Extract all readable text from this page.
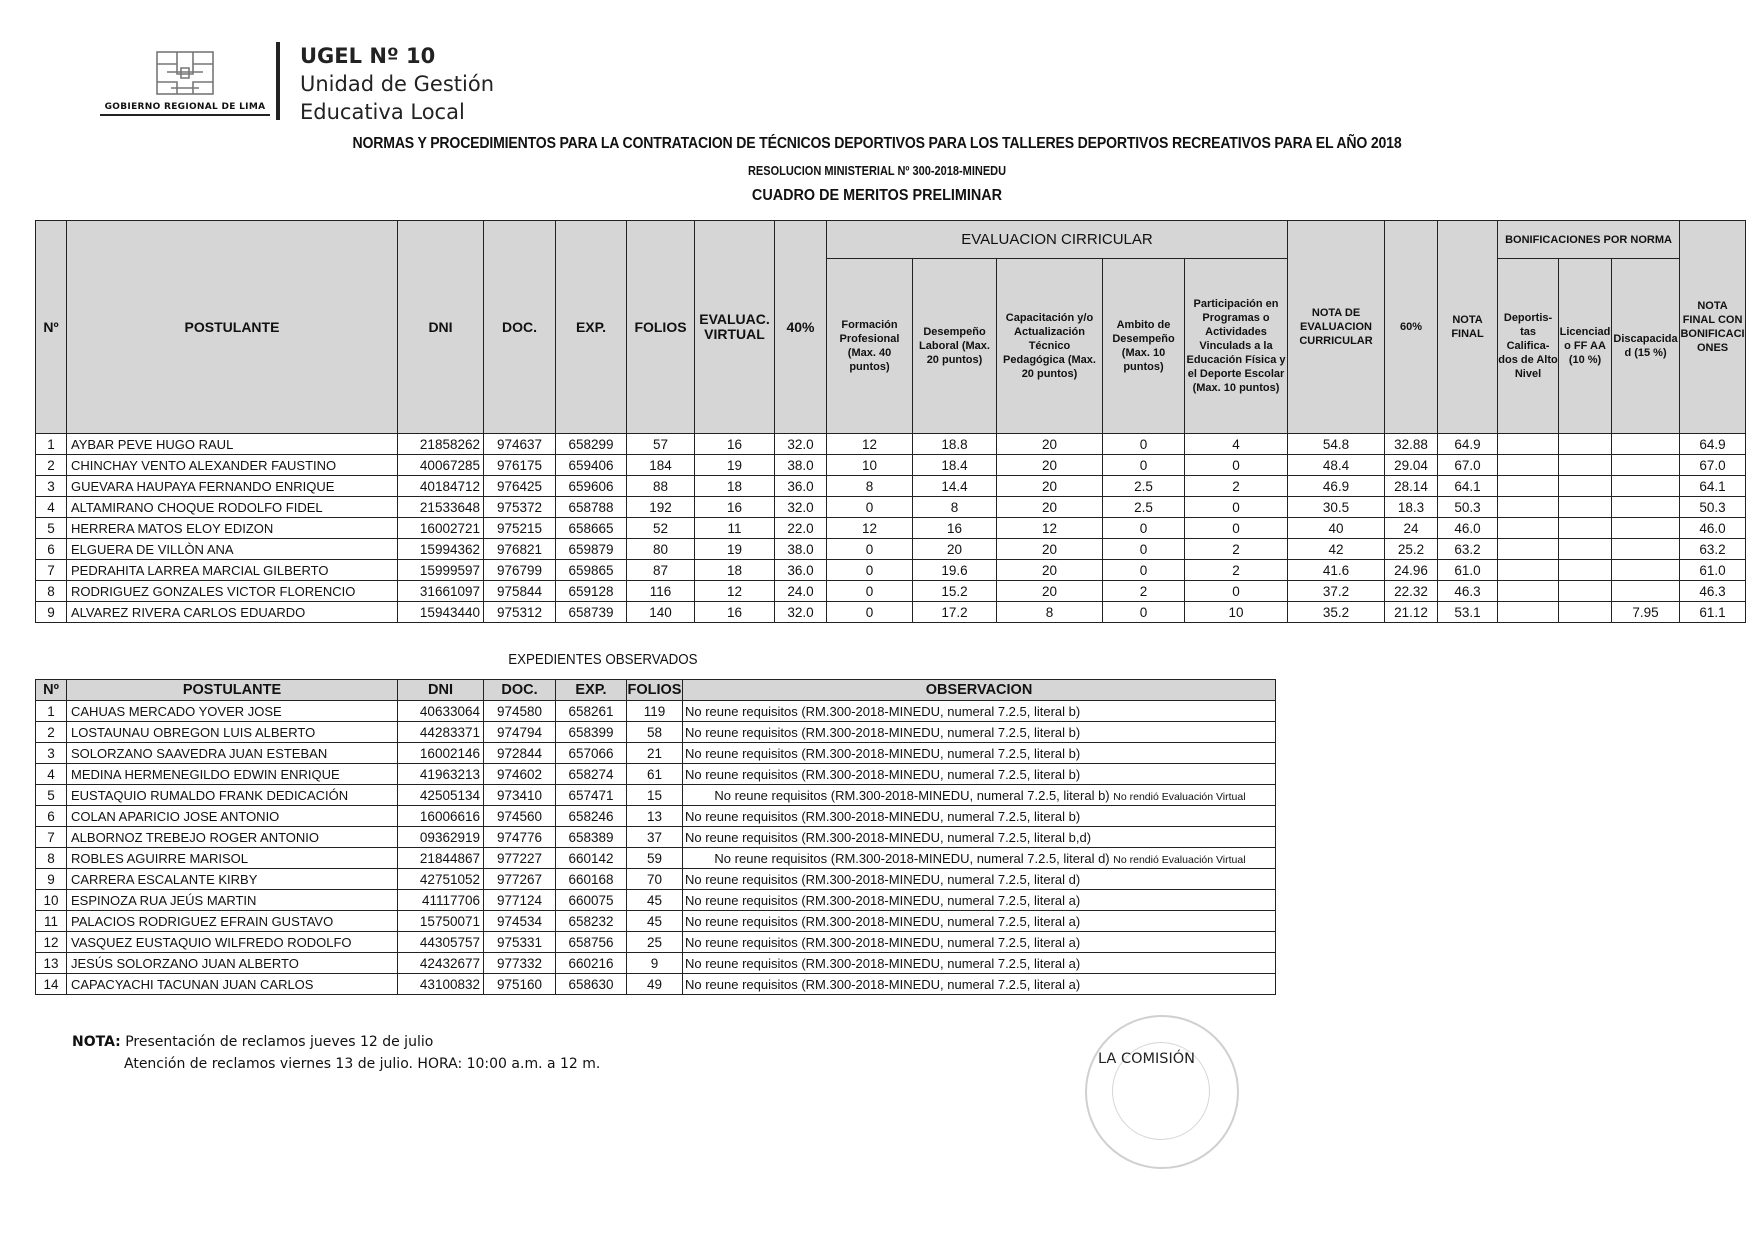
GOBIERNO REGIONAL DE LIMA
UGEL Nº 10
Unidad de Gestión
Educativa Local
NORMAS Y PROCEDIMIENTOS PARA LA CONTRATACION DE TÉCNICOS DEPORTIVOS PARA LOS TALLERES DEPORTIVOS RECREATIVOS PARA EL AÑO 2018
RESOLUCION MINISTERIAL Nº 300-2018-MINEDU
CUADRO DE MERITOS PRELIMINAR
Nº	POSTULANTE	DNI	DOC.	EXP.	FOLIOS	EVALUAC. VIRTUAL	40%	EVALUACION CIRRICULAR					NOTA DE EVALUACION CURRICULAR	60%	NOTA FINAL	BONIFICACIONES POR NORMA			NOTA FINAL CON BONIFICACI ONES
								Formación Profesional (Max. 40 puntos)	Desempeño Laboral (Max. 20 puntos)	Capacitación y/o Actualización Técnico Pedagógica (Max. 20 puntos)	Ambito de Desempeño (Max. 10 puntos)	Participación en Programas o Actividades Vinculads a la Educación Física y el Deporte Escolar (Max. 10 puntos)				Deportis-tas Califica-dos de Alto Nivel	Licenciad o FF AA (10 %)	Discapacida d (15 %)	
1	AYBAR PEVE HUGO RAUL	21858262	974637	658299	57	16	32.0	12	18.8	20	0	4	54.8	32.88	64.9				64.9
2	CHINCHAY VENTO ALEXANDER FAUSTINO	40067285	976175	659406	184	19	38.0	10	18.4	20	0	0	48.4	29.04	67.0				67.0
3	GUEVARA HAUPAYA FERNANDO ENRIQUE	40184712	976425	659606	88	18	36.0	8	14.4	20	2.5	2	46.9	28.14	64.1				64.1
4	ALTAMIRANO CHOQUE RODOLFO FIDEL	21533648	975372	658788	192	16	32.0	0	8	20	2.5	0	30.5	18.3	50.3				50.3
5	HERRERA MATOS ELOY EDIZON	16002721	975215	658665	52	11	22.0	12	16	12	0	0	40	24	46.0				46.0
6	ELGUERA DE VILLÒN ANA	15994362	976821	659879	80	19	38.0	0	20	20	0	2	42	25.2	63.2				63.2
7	PEDRAHITA LARREA MARCIAL GILBERTO	15999597	976799	659865	87	18	36.0	0	19.6	20	0	2	41.6	24.96	61.0				61.0
8	RODRIGUEZ GONZALES VICTOR FLORENCIO	31661097	975844	659128	116	12	24.0	0	15.2	20	2	0	37.2	22.32	46.3				46.3
9	ALVAREZ RIVERA CARLOS EDUARDO	15943440	975312	658739	140	16	32.0	0	17.2	8	0	10	35.2	21.12	53.1			7.95	61.1
EXPEDIENTES OBSERVADOS
Nº	POSTULANTE	DNI	DOC.	EXP.	FOLIOS	OBSERVACION
1	CAHUAS MERCADO YOVER JOSE	40633064	974580	658261	119	No reune requisitos (RM.300-2018-MINEDU, numeral 7.2.5, literal b)
2	LOSTAUNAU OBREGON LUIS ALBERTO	44283371	974794	658399	58	No reune requisitos (RM.300-2018-MINEDU, numeral 7.2.5, literal b)
3	SOLORZANO SAAVEDRA JUAN ESTEBAN	16002146	972844	657066	21	No reune requisitos (RM.300-2018-MINEDU, numeral 7.2.5, literal b)
4	MEDINA HERMENEGILDO EDWIN ENRIQUE	41963213	974602	658274	61	No reune requisitos (RM.300-2018-MINEDU, numeral 7.2.5, literal b)
5	EUSTAQUIO RUMALDO FRANK DEDICACIÓN	42505134	973410	657471	15	No reune requisitos (RM.300-2018-MINEDU, numeral 7.2.5, literal b) No rendió Evaluación Virtual
6	COLAN APARICIO JOSE ANTONIO	16006616	974560	658246	13	No reune requisitos (RM.300-2018-MINEDU, numeral 7.2.5, literal b)
7	ALBORNOZ TREBEJO ROGER ANTONIO	09362919	974776	658389	37	No reune requisitos (RM.300-2018-MINEDU, numeral 7.2.5, literal b,d)
8	ROBLES AGUIRRE MARISOL	21844867	977227	660142	59	No reune requisitos (RM.300-2018-MINEDU, numeral 7.2.5, literal d) No rendió Evaluación Virtual
9	CARRERA ESCALANTE KIRBY	42751052	977267	660168	70	No reune requisitos (RM.300-2018-MINEDU, numeral 7.2.5, literal d)
10	ESPINOZA RUA JEÚS MARTIN	41117706	977124	660075	45	No reune requisitos (RM.300-2018-MINEDU, numeral 7.2.5, literal a)
11	PALACIOS RODRIGUEZ EFRAIN GUSTAVO	15750071	974534	658232	45	No reune requisitos (RM.300-2018-MINEDU, numeral 7.2.5, literal a)
12	VASQUEZ EUSTAQUIO WILFREDO RODOLFO	44305757	975331	658756	25	No reune requisitos (RM.300-2018-MINEDU, numeral 7.2.5, literal a)
13	JESÚS SOLORZANO JUAN ALBERTO	42432677	977332	660216	9	No reune requisitos (RM.300-2018-MINEDU, numeral 7.2.5, literal a)
14	CAPACYACHI TACUNAN JUAN CARLOS	43100832	975160	658630	49	No reune requisitos (RM.300-2018-MINEDU, numeral 7.2.5, literal a)
NOTA: Presentación de reclamos jueves 12 de julio
Atención de reclamos viernes 13 de julio. HORA: 10:00 a.m. a 12 m.	LA COMISIÓN
